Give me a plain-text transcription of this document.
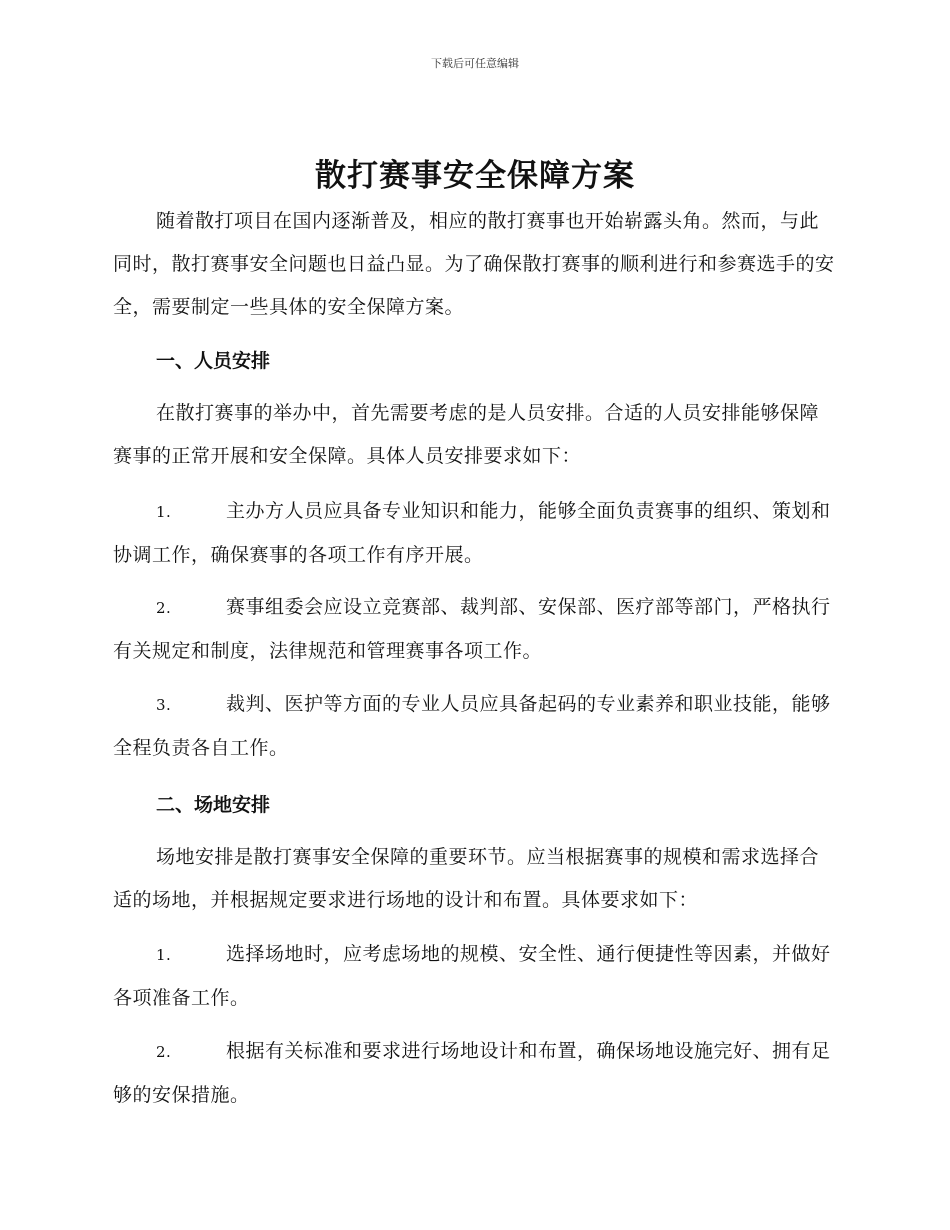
下载后可任意编辑
散打赛事安全保障方案
随着散打项目在国内逐渐普及，相应的散打赛事也开始崭露头角。然而，与此同时，散打赛事安全问题也日益凸显。为了确保散打赛事的顺利进行和参赛选手的安全，需要制定一些具体的安全保障方案。
一、人员安排
在散打赛事的举办中，首先需要考虑的是人员安排。合适的人员安排能够保障赛事的正常开展和安全保障。具体人员安排要求如下：
1.	主办方人员应具备专业知识和能力，能够全面负责赛事的组织、策划和协调工作，确保赛事的各项工作有序开展。
2.	赛事组委会应设立竞赛部、裁判部、安保部、医疗部等部门，严格执行有关规定和制度，法律规范和管理赛事各项工作。
3.	裁判、医护等方面的专业人员应具备起码的专业素养和职业技能，能够全程负责各自工作。
二、场地安排
场地安排是散打赛事安全保障的重要环节。应当根据赛事的规模和需求选择合适的场地，并根据规定要求进行场地的设计和布置。具体要求如下：
1.	选择场地时，应考虑场地的规模、安全性、通行便捷性等因素，并做好各项准备工作。
2.	根据有关标准和要求进行场地设计和布置，确保场地设施完好、拥有足够的安保措施。
